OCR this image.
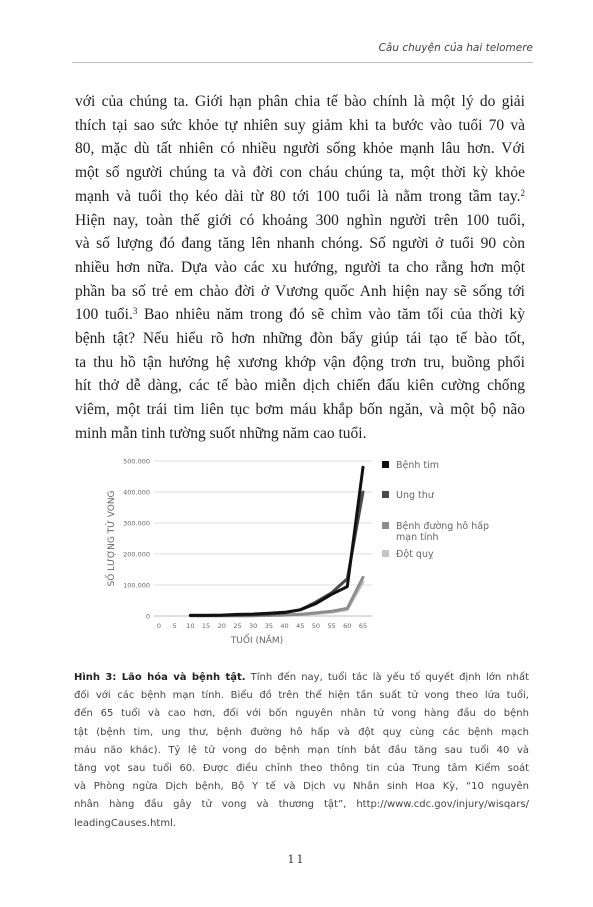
Câu chuyện của hai telomere
với của chúng ta. Giới hạn phân chia tế bào chính là một lý do giải
thích tại sao sức khỏe tự nhiên suy giảm khi ta bước vào tuổi 70 và
80, mặc dù tất nhiên có nhiều người sống khỏe mạnh lâu hơn. Với
một số người chúng ta và đời con cháu chúng ta, một thời kỳ khỏe
mạnh và tuổi thọ kéo dài từ 80 tới 100 tuổi là nằm trong tầm tay.$^2$
Hiện nay, toàn thế giới có khoảng 300 nghìn người trên 100 tuổi,
và số lượng đó đang tăng lên nhanh chóng. Số người ở tuổi 90 còn
nhiều hơn nữa. Dựa vào các xu hướng, người ta cho rằng hơn một
phần ba số trẻ em chào đời ở Vương quốc Anh hiện nay sẽ sống tới
100 tuổi.$^3$ Bao nhiêu năm trong đó sẽ chìm vào tăm tối của thời kỳ
bệnh tật? Nếu hiểu rõ hơn những đòn bẩy giúp tái tạo tế bào tốt,
ta thu hồ tận hưởng hệ xương khớp vận động trơn tru, buồng phổi
hít thở dễ dàng, các tế bào miễn dịch chiến đấu kiên cường chống
viêm, một trái tim liên tục bơm máu khắp bốn ngăn, và một bộ não
minh mẫn tinh tường suốt những năm cao tuổi.
0
100.000
200.000
300.000
400.000
500.000
0 5 10 15 20 25 30 35 40 45 50 55 60 65
TUỔI (NĂM)
SỐ LƯỢNG TỬ VONG
Bệnh tim
Ung thư
Bệnh đường hô hấp
mạn tính
Đột quỵ
Hình 3: Lão hóa và bệnh tật. Tính đến nay, tuổi tác là yếu tố quyết định lớn nhất
đối với các bệnh mạn tính. Biểu đồ trên thể hiện tần suất tử vong theo lứa tuổi,
đến 65 tuổi và cao hơn, đối với bốn nguyên nhân tử vong hàng đầu do bệnh
tật (bệnh tim, ung thư, bệnh đường hô hấp và đột quỵ cùng các bệnh mạch
máu não khác). Tỷ lệ tử vong do bệnh mạn tính bắt đầu tăng sau tuổi 40 và
tăng vọt sau tuổi 60. Được điều chỉnh theo thông tin của Trung tâm Kiểm soát
và Phòng ngừa Dịch bệnh, Bộ Y tế và Dịch vụ Nhân sinh Hoa Kỳ, “10 nguyên
nhân hàng đầu gây tử vong và thương tật”, http://www.cdc.gov/injury/wisqars/
leadingCauses.html.
11
